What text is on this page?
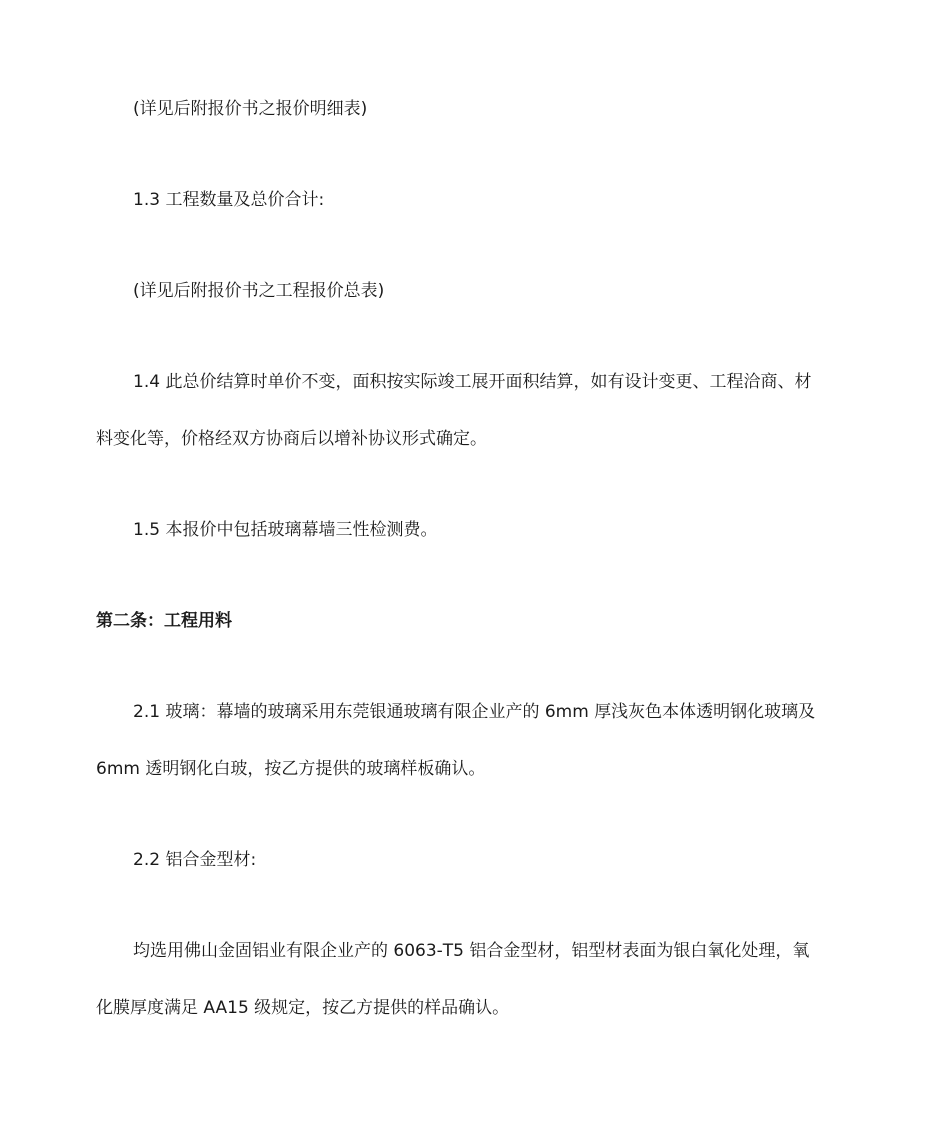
(详见后附报价书之报价明细表)

1.3 工程数量及总价合计:

(详见后附报价书之工程报价总表)

1.4 此总价结算时单价不变，面积按实际竣工展开面积结算，如有设计变更、工程洽商、材

料变化等，价格经双方协商后以增补协议形式确定。

1.5 本报价中包括玻璃幕墙三性检测费。

第二条：工程用料

2.1 玻璃：幕墙的玻璃采用东莞银通玻璃有限企业产的 6mm 厚浅灰色本体透明钢化玻璃及

6mm 透明钢化白玻，按乙方提供的玻璃样板确认。

2.2 铝合金型材:

均选用佛山金固铝业有限企业产的 6063-T5 铝合金型材，铝型材表面为银白氧化处理，氧

化膜厚度满足 AA15 级规定，按乙方提供的样品确认。
